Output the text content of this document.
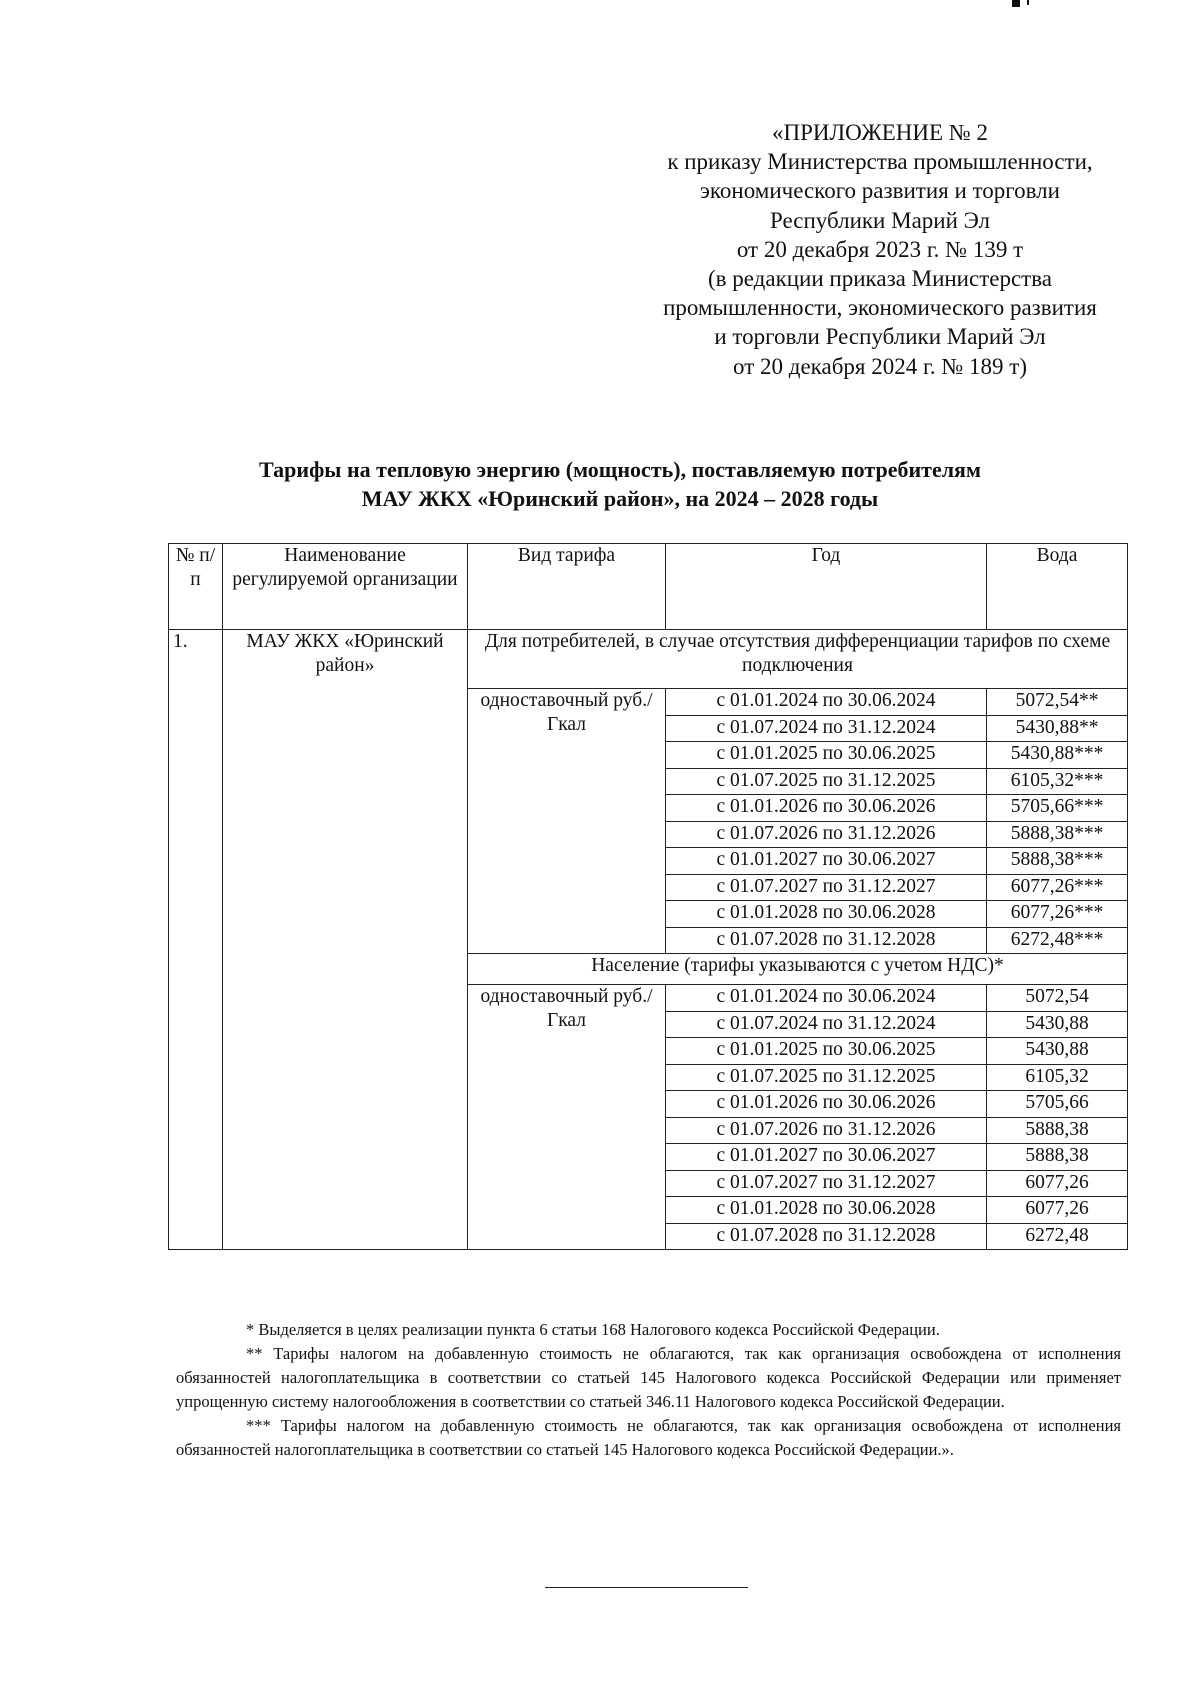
«ПРИЛОЖЕНИЕ № 2
к приказу Министерства промышленности,
экономического развития и торговли
Республики Марий Эл
от 20 декабря 2023 г. № 139 т
(в редакции приказа Министерства
промышленности, экономического развития
и торговли Республики Марий Эл
от 20 декабря 2024 г. № 189 т)
Тарифы на тепловую энергию (мощность), поставляемую потребителям
МАУ ЖКХ «Юринский район», на 2024 – 2028 годы
№ п/п	Наименование регулируемой организации	Вид тарифа	Год	Вода
1.	МАУ ЖКХ «Юринский район»	Для потребителей, в случае отсутствия дифференциации тарифов по схеме подключения		
		одноставочный руб./Гкал	с 01.01.2024 по 30.06.2024	5072,54**
			с 01.07.2024 по 31.12.2024	5430,88**
			с 01.01.2025 по 30.06.2025	5430,88***
			с 01.07.2025 по 31.12.2025	6105,32***
			с 01.01.2026 по 30.06.2026	5705,66***
			с 01.07.2026 по 31.12.2026	5888,38***
			с 01.01.2027 по 30.06.2027	5888,38***
			с 01.07.2027 по 31.12.2027	6077,26***
			с 01.01.2028 по 30.06.2028	6077,26***
			с 01.07.2028 по 31.12.2028	6272,48***
		Население (тарифы указываются с учетом НДС)*		
		одноставочный руб./Гкал	с 01.01.2024 по 30.06.2024	5072,54
			с 01.07.2024 по 31.12.2024	5430,88
			с 01.01.2025 по 30.06.2025	5430,88
			с 01.07.2025 по 31.12.2025	6105,32
			с 01.01.2026 по 30.06.2026	5705,66
			с 01.07.2026 по 31.12.2026	5888,38
			с 01.01.2027 по 30.06.2027	5888,38
			с 01.07.2027 по 31.12.2027	6077,26
			с 01.01.2028 по 30.06.2028	6077,26
			с 01.07.2028 по 31.12.2028	6272,48

* Выделяется в целях реализации пункта 6 статьи 168 Налогового кодекса Российской Федерации.

** Тарифы налогом на добавленную стоимость не облагаются, так как организация освобождена от исполнения обязанностей налогоплательщика в соответствии со статьей 145 Налогового кодекса Российской Федерации или применяет упрощенную систему налогообложения в соответствии со статьей 346.11 Налогового кодекса Российской Федерации.

*** Тарифы налогом на добавленную стоимость не облагаются, так как организация освобождена от исполнения обязанностей налогоплательщика в соответствии со статьей 145 Налогового кодекса Российской Федерации.».
